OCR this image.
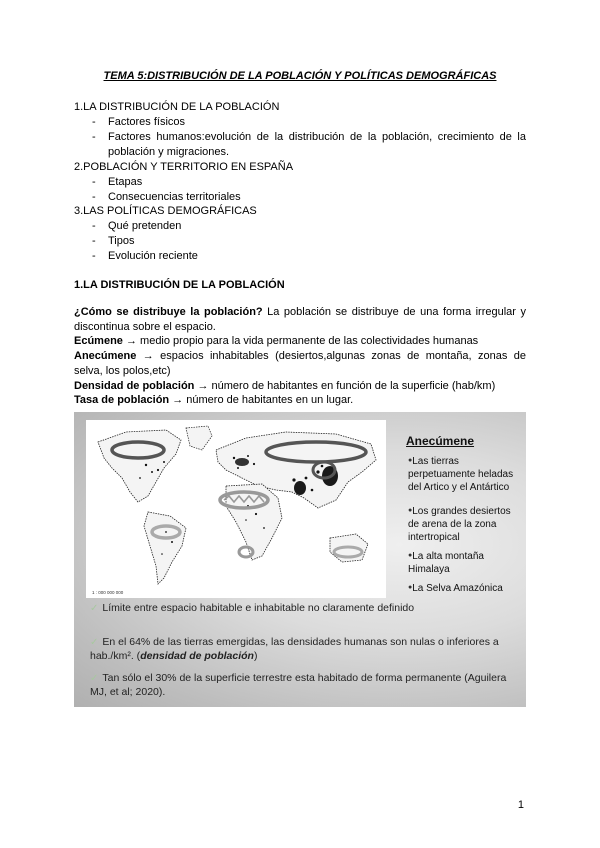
TEMA 5:DISTRIBUCIÓN DE LA POBLACIÓN Y POLÍTICAS DEMOGRÁFICAS
1.LA DISTRIBUCIÓN DE LA POBLACIÓN
- Factores físicos
- Factores humanos:evolución de la distribución de la población, crecimiento de la
población y migraciones.
2.POBLACIÓN Y TERRITORIO EN ESPAÑA
- Etapas
- Consecuencias territoriales
3.LAS POLÍTICAS DEMOGRÁFICAS
- Qué pretenden
- Tipos
- Evolución reciente
1.LA DISTRIBUCIÓN DE LA POBLACIÓN
¿Cómo se distribuye la población? La población se distribuye de una forma irregular y
discontinua sobre el espacio.
Ecúmene → medio propio para la vida permanente de las colectividades humanas
Anecúmene → espacios inhabitables (desiertos,algunas zonas de montaña, zonas de
selva, los polos,etc)
Densidad de población → número de habitantes en función de la superficie (hab/km)
Tasa de población → número de habitantes en un lugar.
1 : 000 000 000
Anecúmene
●Las tierras perpetuamente heladas del Artico y el Antártico
●Los grandes desiertos de arena de la zona intertropical
●La alta montaña Himalaya
●La Selva Amazónica
✓ Límite entre espacio habitable e inhabitable no claramente definido
✓ En el 64% de las tierras emergidas, las densidades humanas son nulas o inferiores a
hab./km². (densidad de población)
✓ Tan sólo el 30% de la superficie terrestre esta habitado de forma permanente (Aguilera
MJ, et al; 2020).
1
